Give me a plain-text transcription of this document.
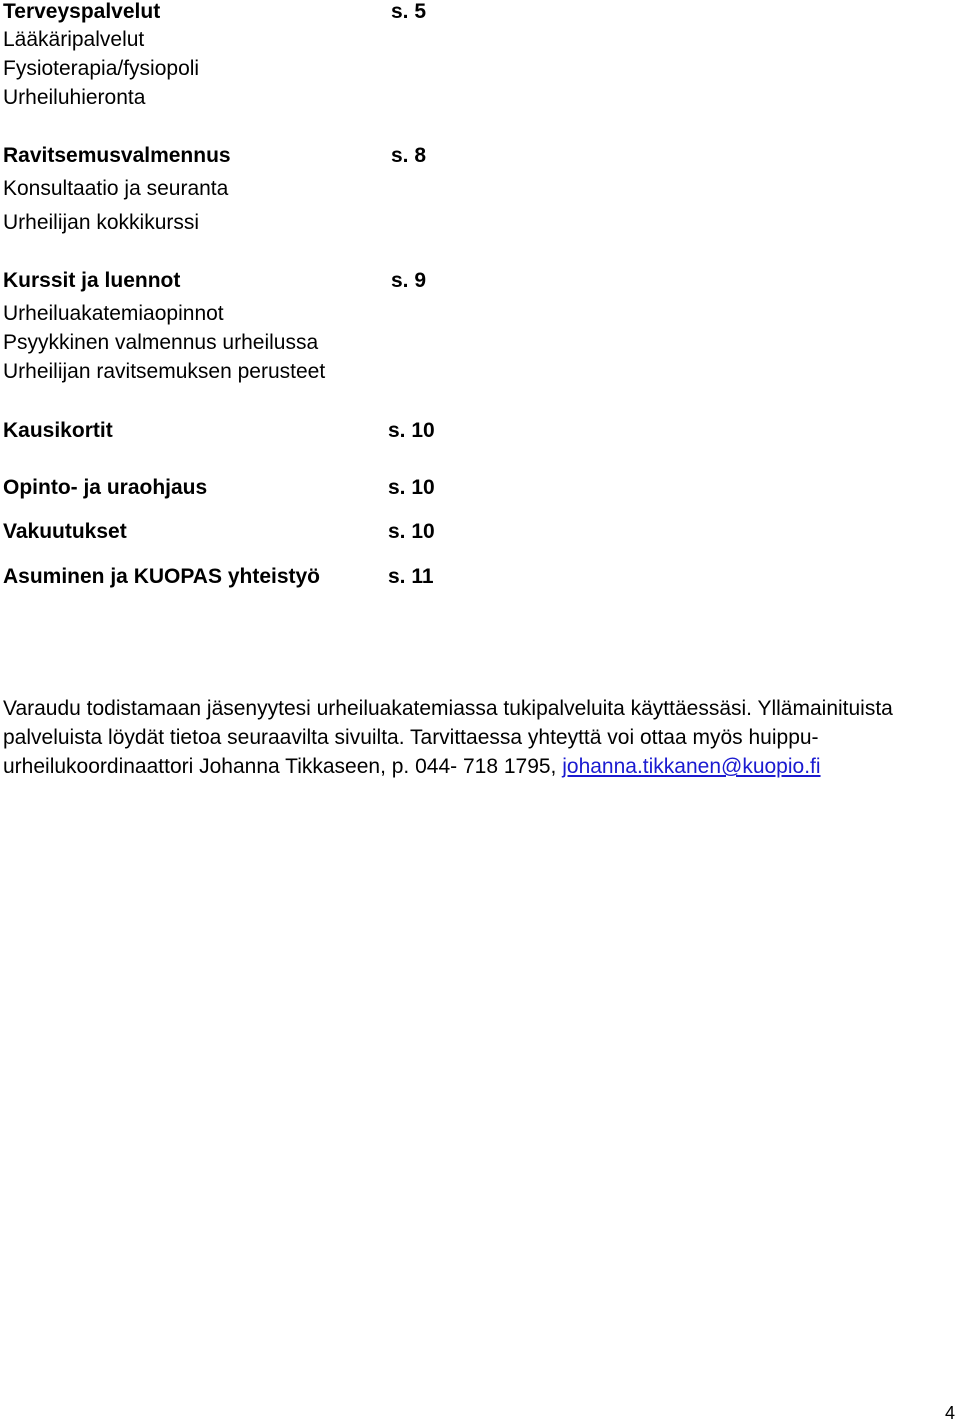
Terveyspalvelut	s. 5
Lääkäripalvelut
Fysioterapia/fysiopoli
Urheiluhieronta
Ravitsemusvalmennus	s. 8
Konsultaatio ja seuranta
Urheilijan kokkikurssi
Kurssit ja luennot	s. 9
Urheiluakatemiaopinnot
Psyykkinen valmennus urheilussa
Urheilijan ravitsemuksen perusteet
Kausikortit	s. 10
Opinto- ja uraohjaus	s. 10
Vakuutukset	s. 10
Asuminen ja KUOPAS yhteistyö	s. 11
Varaudu todistamaan jäsenyytesi urheiluakatemiassa tukipalveluita käyttäessäsi. Yllämainituista
palveluista löydät tietoa seuraavilta sivuilta. Tarvittaessa yhteyttä voi ottaa myös huippu-
urheilukoordinaattori Johanna Tikkaseen, p. 044- 718 1795, johanna.tikkanen@kuopio.fi
4
